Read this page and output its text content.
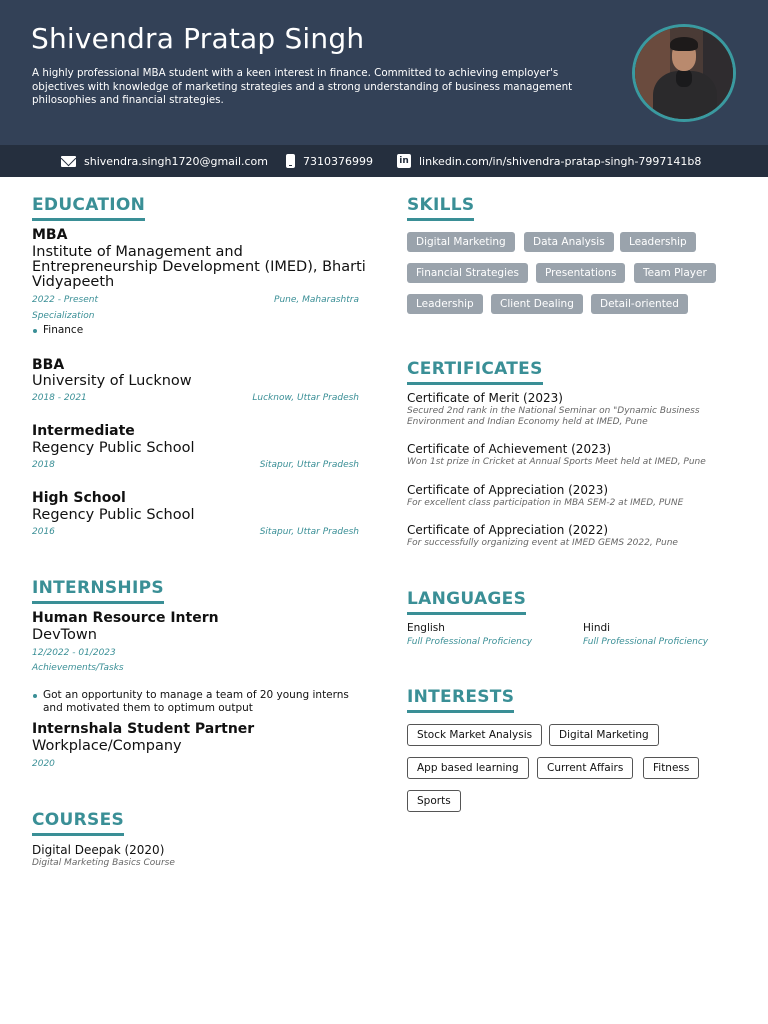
Shivendra Pratap Singh
A highly professional MBA student with a keen interest in finance. Committed to achieving employer's objectives with knowledge of marketing strategies and a strong understanding of business management philosophies and financial strategies.
shivendra.singh1720@gmail.com	7310376999	in linkedin.com/in/shivendra-pratap-singh-7997141b8
EDUCATION
MBA
Institute of Management and Entrepreneurship Development (IMED), Bharti Vidyapeeth
2022 - Present	Pune, Maharashtra
Specialization
Finance
BBA
University of Lucknow
2018 - 2021	Lucknow, Uttar Pradesh
Intermediate
Regency Public School
2018	Sitapur, Uttar Pradesh
High School
Regency Public School
2016	Sitapur, Uttar Pradesh
INTERNSHIPS
Human Resource Intern
DevTown
12/2022 - 01/2023
Achievements/Tasks
Got an opportunity to manage a team of 20 young interns and motivated them to optimum output
Internshala Student Partner
Workplace/Company
2020
COURSES
Digital Deepak (2020)
Digital Marketing Basics Course
SKILLS
Digital Marketing	Data Analysis	Leadership
Financial Strategies	Presentations	Team Player
Leadership	Client Dealing	Detail-oriented
CERTIFICATES
Certificate of Merit (2023)
Secured 2nd rank in the National Seminar on "Dynamic Business Environment and Indian Economy held at IMED, Pune
Certificate of Achievement (2023)
Won 1st prize in Cricket at Annual Sports Meet held at IMED, Pune
Certificate of Appreciation (2023)
For excellent class participation in MBA SEM-2 at IMED, PUNE
Certificate of Appreciation (2022)
For successfully organizing event at IMED GEMS 2022, Pune
LANGUAGES
English
Full Professional Proficiency
Hindi
Full Professional Proficiency
INTERESTS
Stock Market Analysis	Digital Marketing
App based learning	Current Affairs	Fitness
Sports
